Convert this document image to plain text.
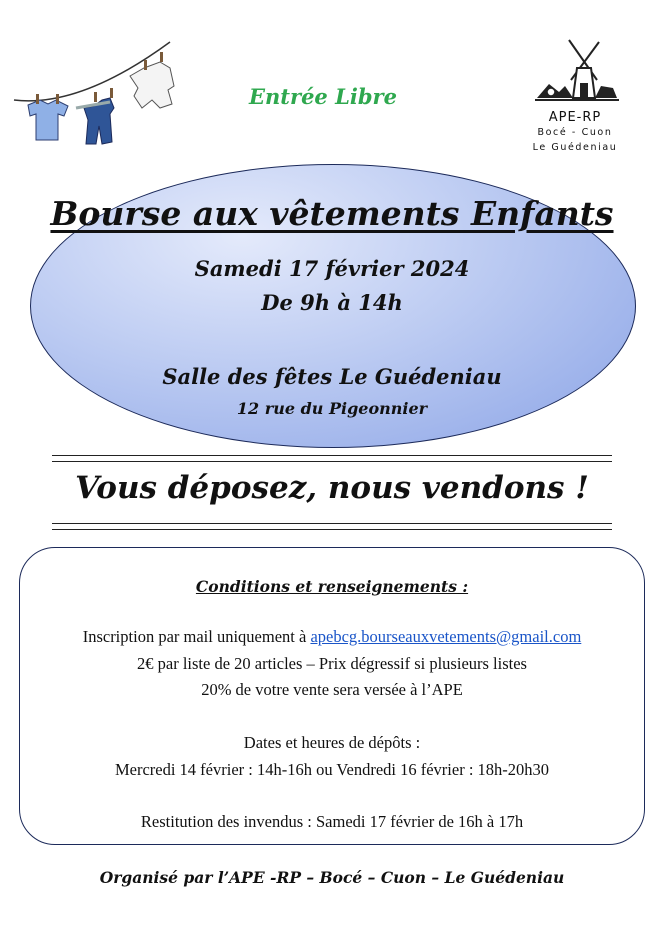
Entrée Libre
APE-RP
Bocé - Cuon
Le Guédeniau
Bourse aux vêtements Enfants
Samedi 17 février 2024
De 9h à 14h
Salle des fêtes Le Guédeniau
12 rue du Pigeonnier
Vous déposez, nous vendons !
Conditions et renseignements :
Inscription par mail uniquement à apebcg.bourseauxvetements@gmail.com
2€ par liste de 20 articles – Prix dégressif si plusieurs listes
20% de votre vente sera versée à l’APE
Dates et heures de dépôts :
Mercredi 14 février : 14h-16h ou Vendredi 16 février : 18h-20h30
Restitution des invendus : Samedi 17 février de 16h à 17h
Organisé par l’APE -RP – Bocé – Cuon – Le Guédeniau
